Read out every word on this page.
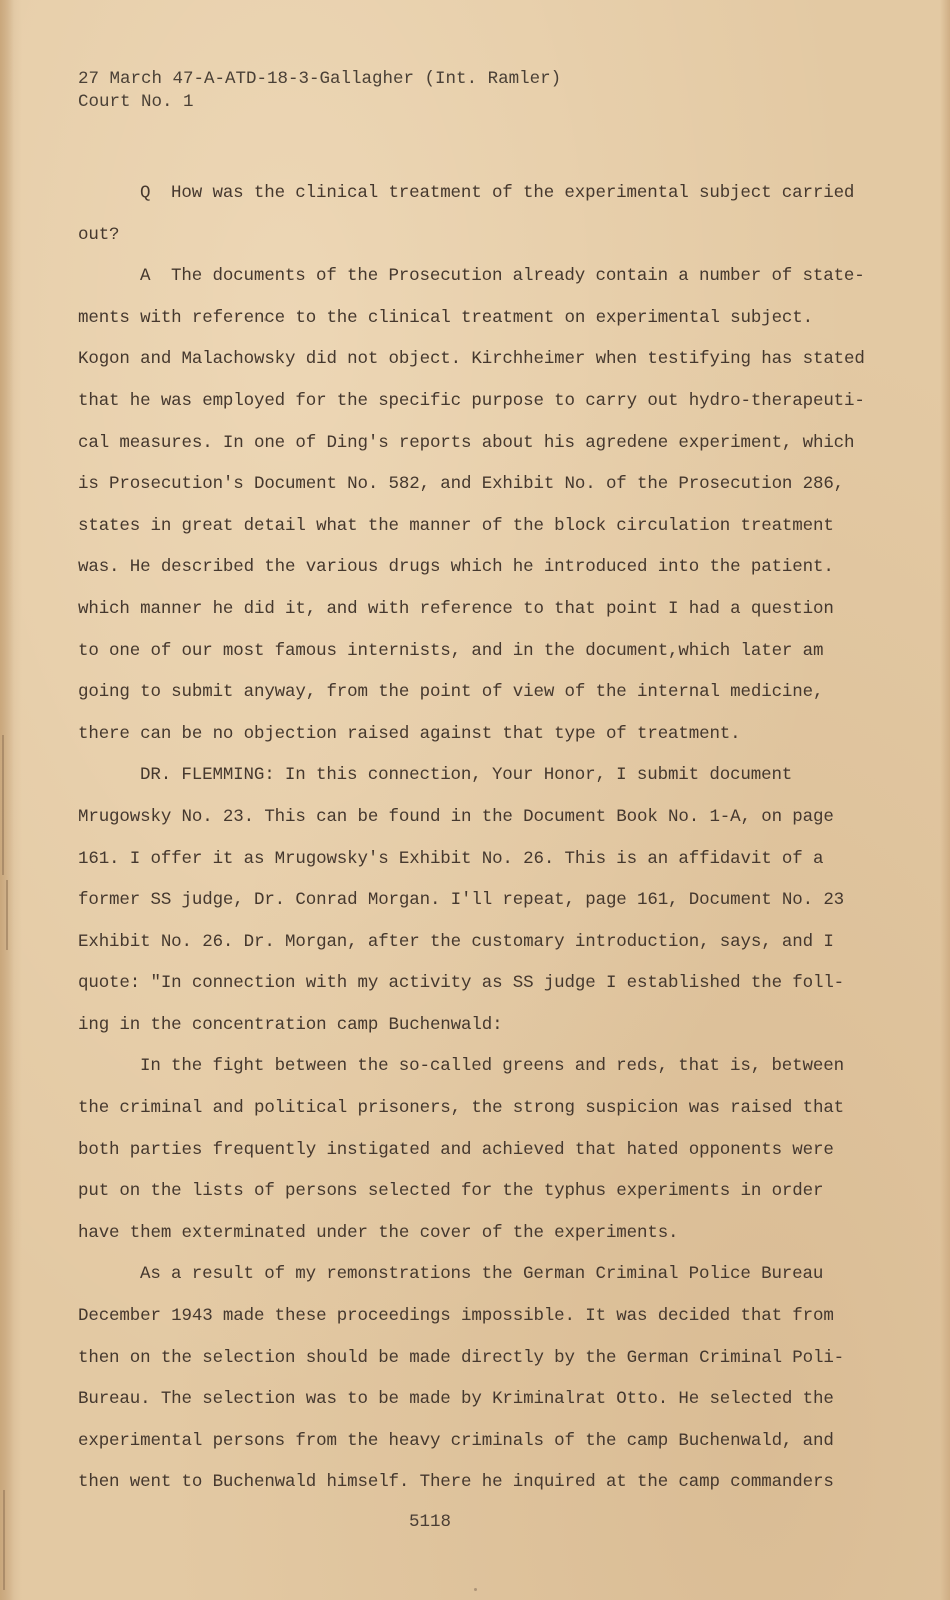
27 March 47-A-ATD-18-3-Gallagher (Int. Ramler)
Court No. 1
Q  How was the clinical treatment of the experimental subject carried
out?
A  The documents of the Prosecution already contain a number of state-
ments with reference to the clinical treatment on experimental subject.
Kogon and Malachowsky did not object. Kirchheimer when testifying has stated
that he was employed for the specific purpose to carry out hydro-therapeuti-
cal measures. In one of Ding's reports about his agredene experiment, which
is Prosecution's Document No. 582, and Exhibit No. of the Prosecution 286,
states in great detail what the manner of the block circulation treatment
was. He described the various drugs which he introduced into the patient.
which manner he did it, and with reference to that point I had a question
to one of our most famous internists, and in the document,which later am
going to submit anyway, from the point of view of the internal medicine,
there can be no objection raised against that type of treatment.
DR. FLEMMING: In this connection, Your Honor, I submit document
Mrugowsky No. 23. This can be found in the Document Book No. 1-A, on page
161. I offer it as Mrugowsky's Exhibit No. 26. This is an affidavit of a
former SS judge, Dr. Conrad Morgan. I'll repeat, page 161, Document No. 23
Exhibit No. 26. Dr. Morgan, after the customary introduction, says, and I
quote: "In connection with my activity as SS judge I established the foll-
ing in the concentration camp Buchenwald:
In the fight between the so-called greens and reds, that is, between
the criminal and political prisoners, the strong suspicion was raised that
both parties frequently instigated and achieved that hated opponents were
put on the lists of persons selected for the typhus experiments in order
have them exterminated under the cover of the experiments.
As a result of my remonstrations the German Criminal Police Bureau
December 1943 made these proceedings impossible. It was decided that from
then on the selection should be made directly by the German Criminal Poli-
Bureau. The selection was to be made by Kriminalrat Otto. He selected the
experimental persons from the heavy criminals of the camp Buchenwald, and
then went to Buchenwald himself. There he inquired at the camp commanders
5118
